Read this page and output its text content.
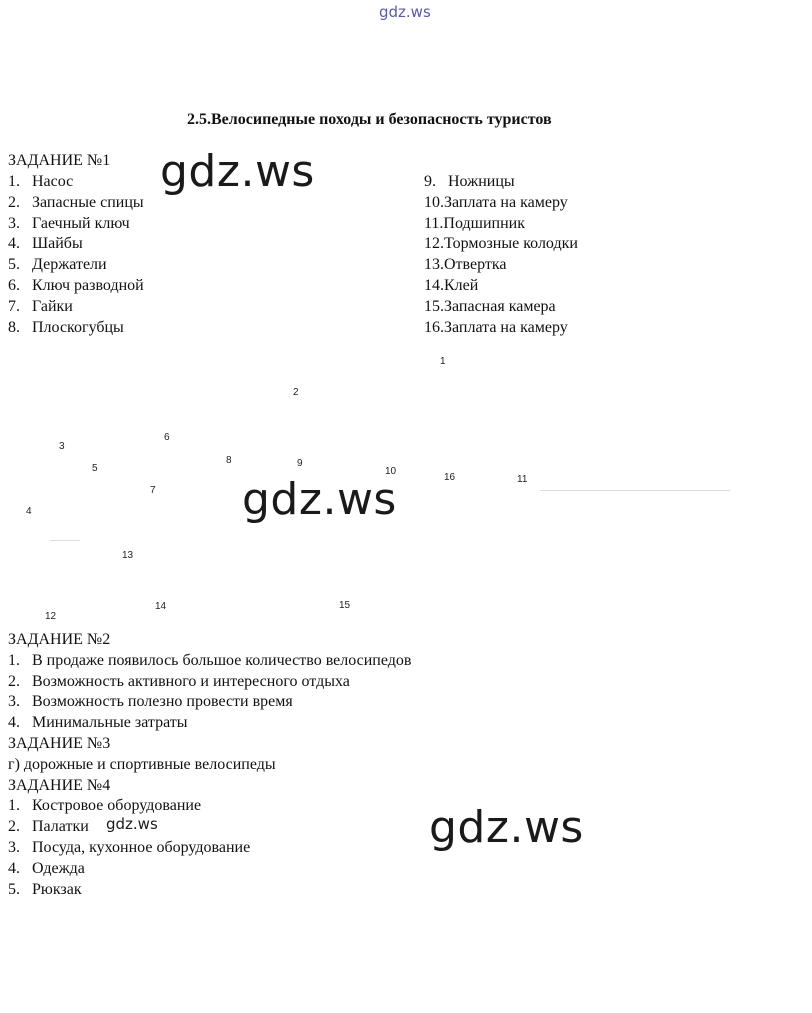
gdz.ws
2.5.Велосипедные походы и безопасность туристов
ЗАДАНИЕ №1
1. Насос
2. Запасные спицы
3. Гаечный ключ
4. Шайбы
5. Держатели
6. Ключ разводной
7. Гайки
8. Плоскогубцы
9. Ножницы
10.Заплата на камеру
11.Подшипник
12.Тормозные колодки
13.Отвертка
14.Клей
15.Запасная камера
16.Заплата на камеру
gdz.ws
1
2
3
6
5
8	9
10
16	11
7
4
13
14	15
12
gdz.ws
ЗАДАНИЕ №2
1. В продаже появилось большое количество велосипедов
2. Возможность активного и интересного отдыха
3. Возможность полезно провести время
4. Минимальные затраты
ЗАДАНИЕ №3
г) дорожные и спортивные велосипеды
ЗАДАНИЕ №4
1. Костровое оборудование
2. Палатки
3. Посуда, кухонное оборудование
4. Одежда
5. Рюкзак
gdz.ws	gdz.ws
